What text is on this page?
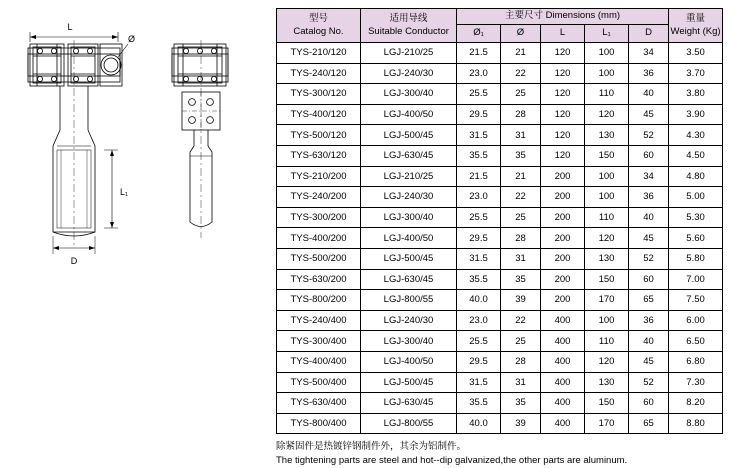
L
Ø
L₁
D
型号
Catalog No.

适用导线
Suitable Conductor
	主要尺寸 Dimensions (mm)	重量
Weight (Kg)

		Ø₁	Ø	L	L₁	D	
TYS-210/120	LGJ-210/25	21.5	21	120	100	34	3.50
TYS-240/120	LGJ-240/30	23.0	22	120	100	36	3.70
TYS-300/120	LGJ-300/40	25.5	25	120	110	40	3.80
TYS-400/120	LGJ-400/50	29.5	28	120	120	45	3.90
TYS-500/120	LGJ-500/45	31.5	31	120	130	52	4.30
TYS-630/120	LGJ-630/45	35.5	35	120	150	60	4.50
TYS-210/200	LGJ-210/25	21.5	21	200	100	34	4.80
TYS-240/200	LGJ-240/30	23.0	22	200	100	36	5.00
TYS-300/200	LGJ-300/40	25.5	25	200	110	40	5.30
TYS-400/200	LGJ-400/50	29.5	28	200	120	45	5.60
TYS-500/200	LGJ-500/45	31.5	31	200	130	52	5.80
TYS-630/200	LGJ-630/45	35.5	35	200	150	60	7.00
TYS-800/200	LGJ-800/55	40.0	39	200	170	65	7.50
TYS-240/400	LGJ-240/30	23.0	22	400	100	36	6.00
TYS-300/400	LGJ-300/40	25.5	25	400	110	40	6.50
TYS-400/400	LGJ-400/50	29.5	28	400	120	45	6.80
TYS-500/400	LGJ-500/45	31.5	31	400	130	52	7.30
TYS-630/400	LGJ-630/45	35.5	35	400	150	60	8.20
TYS-800/400	LGJ-800/55	40.0	39	400	170	65	8.80
除紧固件是热镀锌钢制件外，其余为铝制件。
The tightening parts are steel and hot--dip galvanized,the other parts are aluminum.
